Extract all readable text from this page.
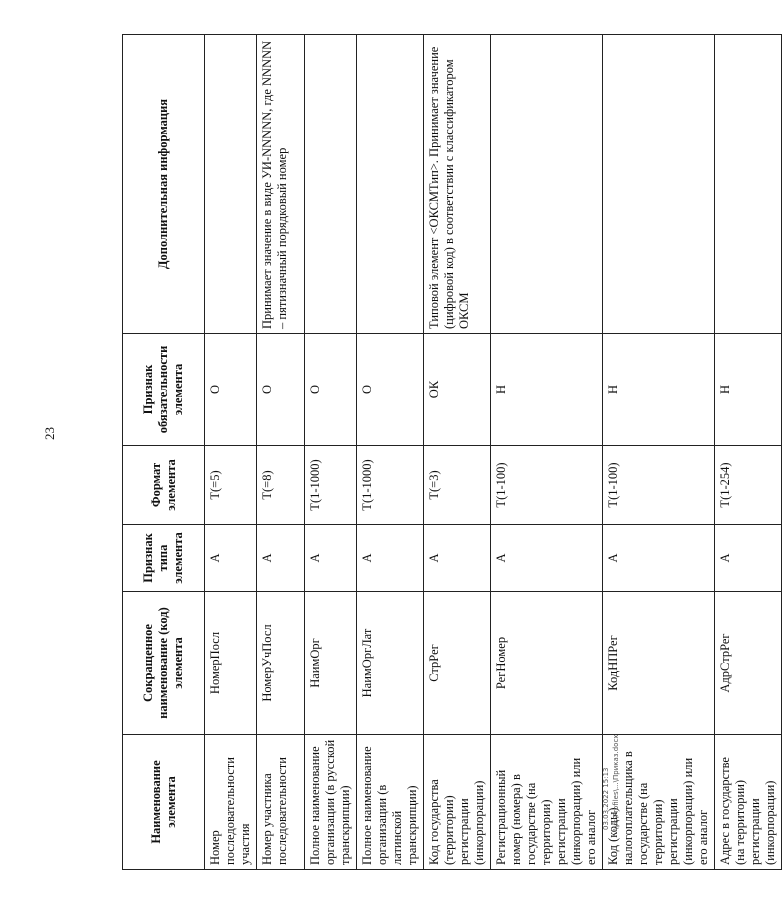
23
Наименование элемента	Сокращенное наименование (код) элемента	Признак типа элемента	Формат элемента	Признак обязательности элемента	Дополнительная информация
Номер последовательности участия	НомерПосл	А	T(=5)	О	
Номер участника последовательности	НомерУчПосл	А	T(=8)	О	Принимает значение в виде УИ-NNNNN, где NNNNN – пятизначный порядковый номер
Полное наименование организации (в русской транскрипции)	НаимОрг	А	T(1-1000)	О	
Полное наименование организации (в латинской транскрипции)	НаимОргЛат	А	T(1-1000)	О	
Код государства (территории) регистрации (инкорпорации)	СтрРег	А	T(=3)	ОК	Типовой элемент <ОКСМТип>. Принимает значение (цифровой код) в соответствии с классификатором ОКСМ
Регистрационный номер (номера) в государстве (на территории) регистрации (инкорпорации) или его аналог	РегНомер	А	T(1-100)	Н	
Код (коды) налогоплательщика в государстве (на территории) регистрации (инкорпорации) или его аналог	КодНПРег	А	T(1-100)	Н	
Адрес в государстве (на территории) регистрации (инкорпорации)	АдрСтрРег	А	T(1-254)	Н	
03.03.2022 15:13 \\fs\Profiles\...\Приказ.docx
